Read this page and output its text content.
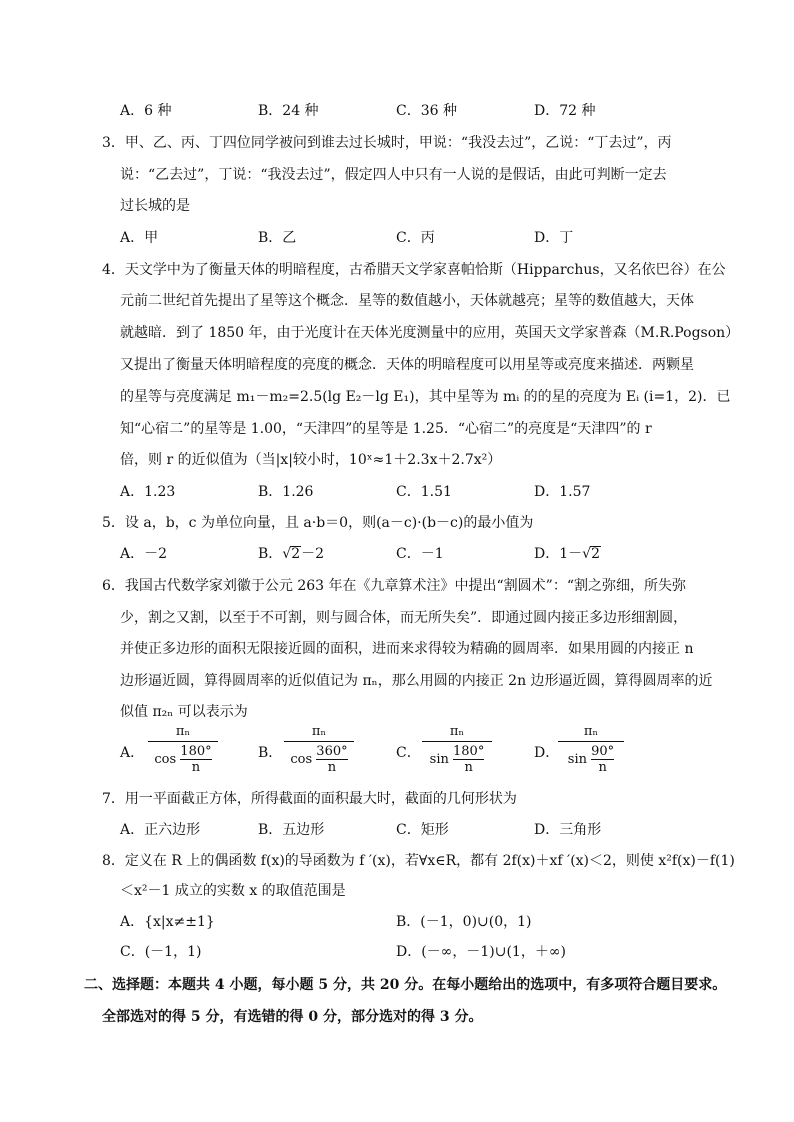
A．6 种	B．24 种	C．36 种	D．72 种
3．甲、乙、丙、丁四位同学被问到谁去过长城时，甲说：“我没去过”，乙说：“丁去过”，丙
说：“乙去过”，丁说：“我没去过”，假定四人中只有一人说的是假话，由此可判断一定去
过长城的是
A．甲	B．乙	C．丙	D．丁
4．天文学中为了衡量天体的明暗程度，古希腊天文学家喜帕恰斯（Hipparchus，又名依巴谷）在公
元前二世纪首先提出了星等这个概念．星等的数值越小，天体就越亮；星等的数值越大，天体
就越暗．到了 1850 年，由于光度计在天体光度测量中的应用，英国天文学家普森（M.R.Pogson）
又提出了衡量天体明暗程度的亮度的概念．天体的明暗程度可以用星等或亮度来描述．两颗星
的星等与亮度满足 m₁－m₂=2.5(lg E₂－lg E₁)，其中星等为 mᵢ 的的星的亮度为 Eᵢ (i=1，2)．已
知“心宿二”的星等是 1.00，“天津四”的星等是 1.25．“心宿二”的亮度是“天津四”的 r
倍，则 r 的近似值为（当|x|较小时，10ˣ≈1＋2.3x＋2.7x²）
A．1.23	B．1.26	C．1.51	D．1.57
5．设 a，b，c 为单位向量，且 a·b＝0，则(a－c)·(b－c)的最小值为
A．－2	B．√2－2	C．－1	D．1－√2
6．我国古代数学家刘徽于公元 263 年在《九章算术注》中提出“割圆术”：“割之弥细，所失弥
少，割之又割，以至于不可割，则与圆合体，而无所失矣”．即通过圆内接正多边形细割圆，
并使正多边形的面积无限接近圆的面积，进而来求得较为精确的圆周率．如果用圆的内接正 n
边形逼近圆，算得圆周率的近似值记为 πₙ，那么用圆的内接正 2n 边形逼近圆，算得圆周率的近
似值 π₂ₙ 可以表示为
A．
πₙ
$\cos \frac{180^\circ}{n}$	B．
πₙ
$\cos \frac{360^\circ}{n}$	C．
πₙ
$\sin \frac{180^\circ}{n}$	D．
πₙ
$\sin \frac{90^\circ}{n}$
7．用一平面截正方体，所得截面的面积最大时，截面的几何形状为
A．正六边形	B．五边形	C．矩形	D．三角形
8．定义在 R 上的偶函数 f(x)的导函数为 f ′(x)，若∀x∈R，都有 2f(x)＋xf ′(x)＜2，则使 x²f(x)－f(1)
＜x²－1 成立的实数 x 的取值范围是
A．{x|x≠±1}	B．(－1，0)∪(0，1)
C．(－1，1)	D．(－∞，－1)∪(1，＋∞)
二、选择题：本题共 4 小题，每小题 5 分，共 20 分。在每小题给出的选项中，有多项符合题目要求。
全部选对的得 5 分，有选错的得 0 分，部分选对的得 3 分。
